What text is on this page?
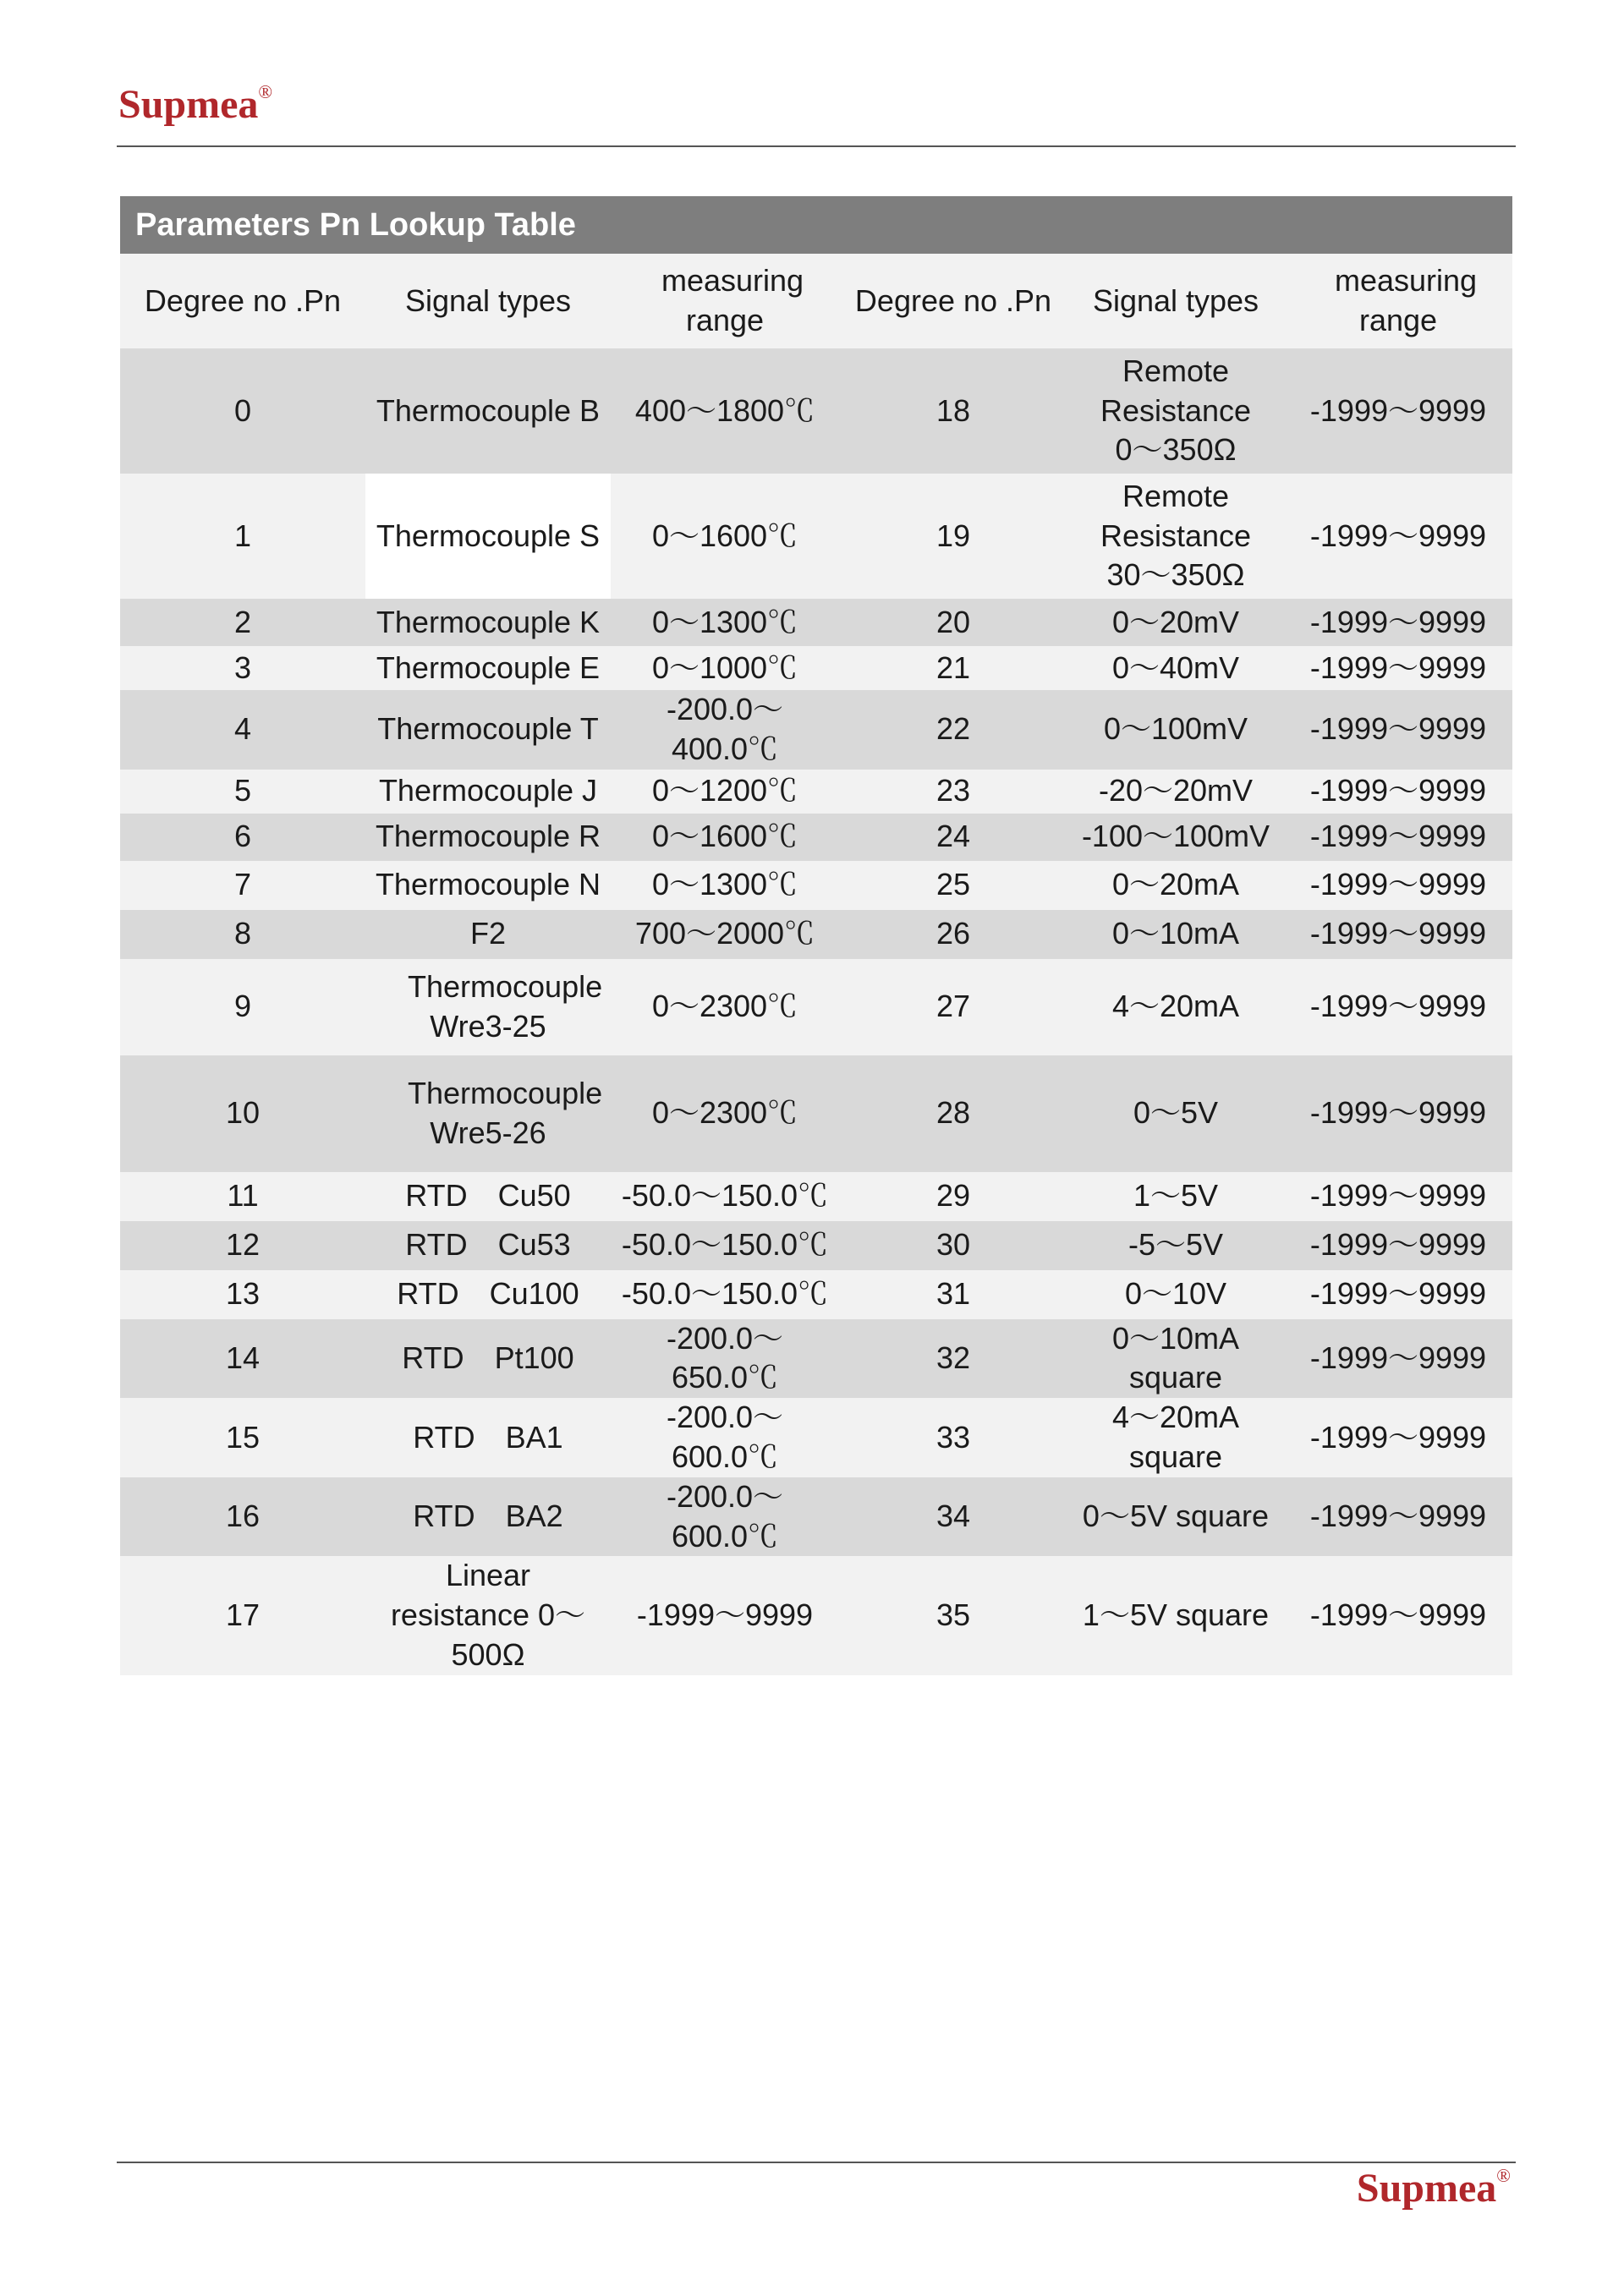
Supmea®
Parameters Pn Lookup Table
Degree no .Pn	Signal types	measuring range	Degree no .Pn	Signal types	measuring range
0	Thermocouple B	400～1800℃	18	Remote Resistance 0～350Ω	-1999～9999
1	Thermocouple S	0～1600℃	19	Remote Resistance 30～350Ω	-1999～9999
2	Thermocouple K	0～1300℃	20	0～20mV	-1999～9999
3	Thermocouple E	0～1000℃	21	0～40mV	-1999～9999
4	Thermocouple T	-200.0～400.0℃	22	0～100mV	-1999～9999
5	Thermocouple J	0～1200℃	23	-20～20mV	-1999～9999
6	Thermocouple R	0～1600℃	24	-100～100mV	-1999～9999
7	Thermocouple N	0～1300℃	25	0～20mA	-1999～9999
8	F2	700～2000℃	26	0～10mA	-1999～9999
9	Thermocouple Wre3-25	0～2300℃	27	4～20mA	-1999～9999
10	Thermocouple Wre5-26	0～2300℃	28	0～5V	-1999～9999
11	RTD　Cu50	-50.0～150.0℃	29	1～5V	-1999～9999
12	RTD　Cu53	-50.0～150.0℃	30	-5～5V	-1999～9999
13	RTD　Cu100	-50.0～150.0℃	31	0～10V	-1999～9999
14	RTD　Pt100	-200.0～650.0℃	32	0～10mA square	-1999～9999
15	RTD　BA1	-200.0～600.0℃	33	4～20mA square	-1999～9999
16	RTD　BA2	-200.0～600.0℃	34	0～5V square	-1999～9999
17	Linear resistance 0～500Ω	-1999～9999	35	1～5V square	-1999～9999
Supmea®
